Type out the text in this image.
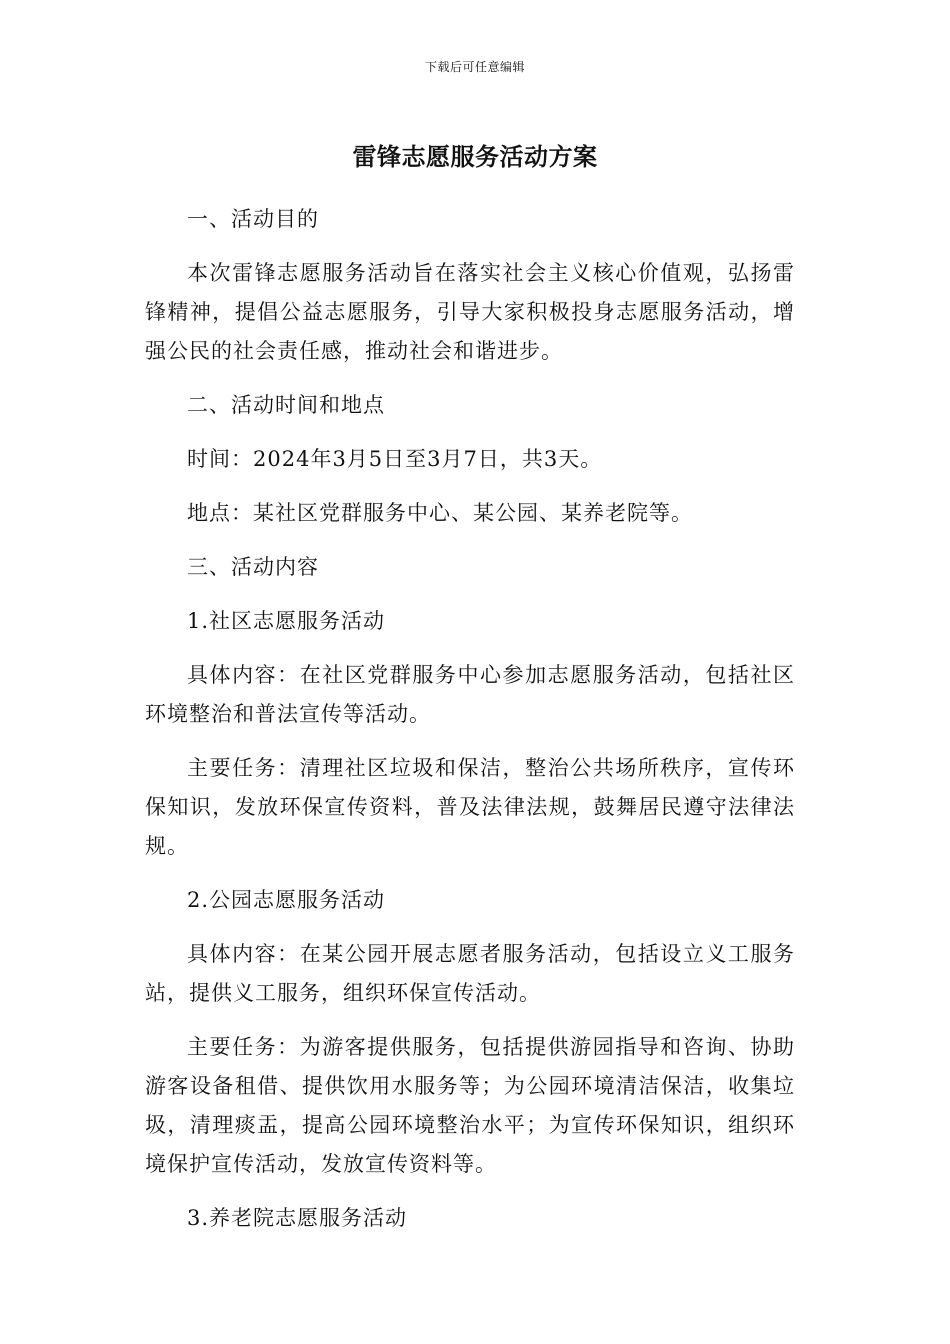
下载后可任意编辑
雷锋志愿服务活动方案

一、活动目的

本次雷锋志愿服务活动旨在落实社会主义核心价值观，弘扬雷锋精神，提倡公益志愿服务，引导大家积极投身志愿服务活动，增强公民的社会责任感，推动社会和谐进步。

二、活动时间和地点

时间：2024年3月5日至3月7日，共3天。

地点：某社区党群服务中心、某公园、某养老院等。

三、活动内容

1.社区志愿服务活动

具体内容：在社区党群服务中心参加志愿服务活动，包括社区环境整治和普法宣传等活动。

主要任务：清理社区垃圾和保洁，整治公共场所秩序，宣传环保知识，发放环保宣传资料，普及法律法规，鼓舞居民遵守法律法规。

2.公园志愿服务活动

具体内容：在某公园开展志愿者服务活动，包括设立义工服务站，提供义工服务，组织环保宣传活动。

主要任务：为游客提供服务，包括提供游园指导和咨询、协助游客设备租借、提供饮用水服务等；为公园环境清洁保洁，收集垃圾，清理痰盂，提高公园环境整治水平；为宣传环保知识，组织环境保护宣传活动，发放宣传资料等。

3.养老院志愿服务活动
